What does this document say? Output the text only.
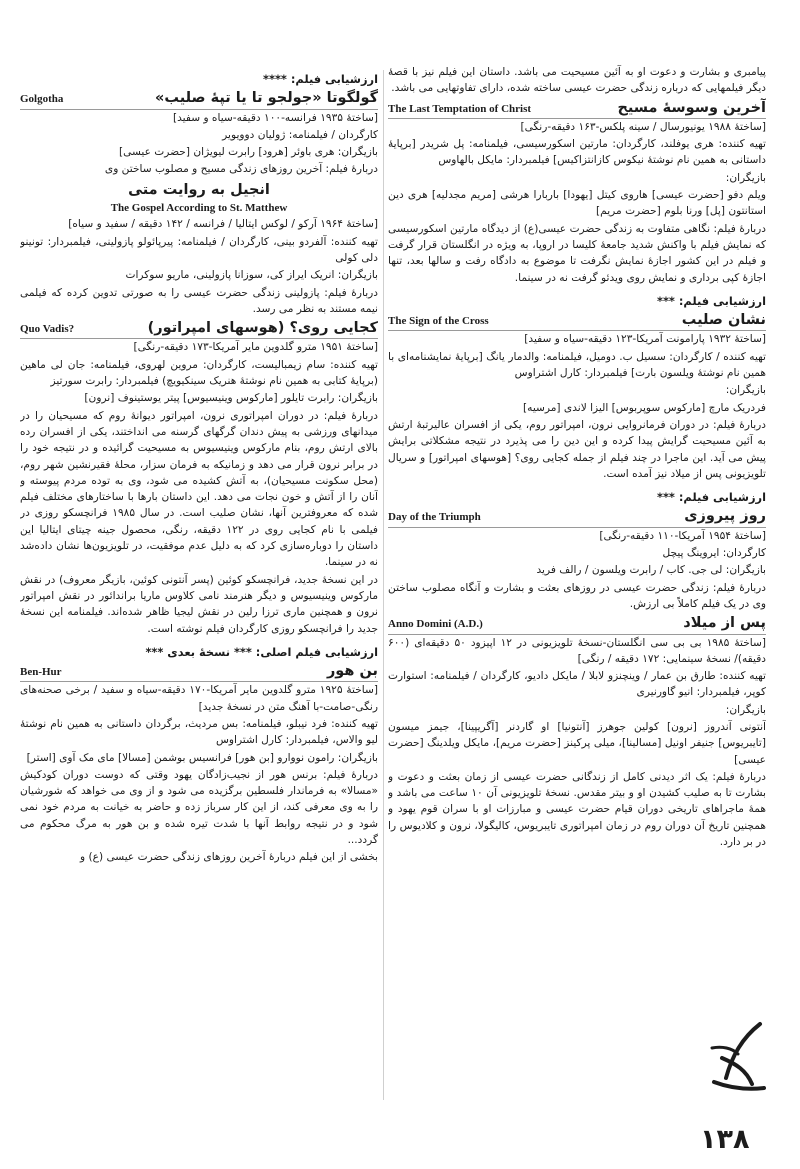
پیامبری و بشارت و دعوت او به آئین مسیحیت می باشد. داستان این فیلم نیز با قصهٔ دیگر فیلمهایی که درباره زندگی حضرت عیسی ساخته شده، دارای تفاوتهایی می باشد.

The Last Temptation of Christ	آخرین وسوسهٔ مسیح

[ساختهٔ ۱۹۸۸ یونیورسال / سینه پلکس-۱۶۳ دقیقه-رنگی]

تهیه کننده: هری یوفلند، کارگردان: مارتین اسکورسیسی، فیلمنامه: پل شریدر [برپایهٔ داستانی به همین نام نوشتهٔ نیکوس کازانتزاکیس] فیلمبردار: مایکل بالهاوس

بازیگران:

ویلم دفو [حضرت عیسی] هاروی کیتل [یهودا] باربارا هرشی [مریم مجدلیه] هری دین استانتون [پل] ورنا بلوم [حضرت مریم]

دربارهٔ فیلم: نگاهی متفاوت به زندگی حضرت عیسی(ع) از دیدگاه مارتین اسکورسیسی که نمایش فیلم با واکنش شدید جامعهٔ کلیسا در اروپا، به ویژه در انگلستان قرار گرفت و فیلم در این کشور اجازهٔ نمایش نگرفت تا موضوع به دادگاه رفت و سالها بعد، تنها اجازهٔ کپی برداری و نمایش روی ویدئو گرفت نه در سینما.

ارزشیابی فیلم: ***
The Sign of the Cross	نشان صلیب

[ساختهٔ ۱۹۳۲ پارامونت آمریکا-۱۲۳ دقیقه-سیاه و سفید]

تهیه کننده / کارگردان: سسیل ب. دومیل، فیلمنامه: والدمار یانگ [برپایهٔ نمایشنامه‌ای با همین نام نوشتهٔ ویلسون بارت] فیلمبردار: کارل اشتراوس

بازیگران:

فردریک مارچ [مارکوس سوپربوس] الیزا لاندی [مرسیه]

دربارهٔ فیلم: در دوران فرمانروایی نرون، امپراتور روم، یکی از افسران عالیرتبهٔ ارتش به آئین مسیحیت گرایش پیدا کرده و این دین را می پذیرد در نتیجه مشکلاتی برایش پیش می آید. این ماجرا در چند فیلم از جمله کجایی روی؟ [هوسهای امپراتور] و سریال تلویزیونی پس از میلاد نیز آمده است.

ارزشیابی فیلم: ***
Day of the Triumph	روز پیروزی

[ساختهٔ ۱۹۵۴ آمریکا-۱۱۰ دقیقه-رنگی]

کارگردان: ایروینگ پیچل

بازیگران: لی جی. کاب / رابرت ویلسون / رالف فرید

دربارهٔ فیلم: زندگی حضرت عیسی در روزهای بعثت و بشارت و آنگاه مصلوب ساختن وی در یک فیلم کاملاً بی ارزش.

Anno Domini (A.D.)	پس از میلاد

[ساختهٔ ۱۹۸۵ بی بی سی انگلستان-نسخهٔ تلویزیونی در ۱۲ اپیزود ۵۰ دقیقه‌ای (۶۰۰ دقیقه)/ نسخهٔ سینمایی: ۱۷۲ دقیقه / رنگی]

تهیه کننده: طارق بن عمار / وینچنزو لابلا / مایکل دادیو، کارگردان / فیلمنامه: استوارت کوپر، فیلمبردار: انیو گاورنیری

بازیگران:

آنتونی آندروز [نرون] کولین جوهرز [آنتونیا] او گاردنر [آگریپینا]، جیمز میسون [تایبریوس] جنیفر اونیل [مسالینا]، میلی پرکینز [حضرت مریم]، مایکل ویلدینگ [حضرت عیسی]

دربارهٔ فیلم: یک اثر دیدنی کامل از زندگانی حضرت عیسی از زمان بعثت و دعوت و بشارت تا به صلیب کشیدن او و بیتر مقدس. نسخهٔ تلویزیونی آن ۱۰ ساعت می باشد و همهٔ ماجراهای تاریخی دوران قیام حضرت عیسی و مبارزات او با سران قوم یهود و همچنین تاریخ آن دوران روم در زمان امپراتوری تایبریوس، کالیگولا، نرون و کلادیوس را در بر دارد.

ارزشیابی فیلم: ****
Golgotha	گولگوتا «جولجو تا یا تپهٔ صلیب»

[ساختهٔ ۱۹۳۵ فرانسه-۱۰۰ دقیقه-سیاه و سفید]

کارگردان / فیلمنامه: ژولیان دوویویر

بازیگران: هری باوئر [هرود] رابرت لیویژان [حضرت عیسی]

دربارهٔ فیلم: آخرین روزهای زندگی مسیح و مصلوب ساختن وی

انجیل به روایت متی
The Gospel According to St. Matthew

[ساختهٔ ۱۹۶۴ آرکو / لوکس ایتالیا / فرانسه / ۱۴۲ دقیقه / سفید و سیاه]

تهیه کننده: آلفردو بینی، کارگردان / فیلمنامه: پیرپائولو پازولینی، فیلمبردار: تونینو دلی کولی

بازیگران: انریک ایراز کی، سوزانا پازولینی، ماریو سوکرات

دربارهٔ فیلم: پازولینی زندگی حضرت عیسی را به صورتی تدوین کرده که فیلمی نیمه مستند به نظر می رسد.

Quo Vadis?	کجایی روی؟ (هوسهای امپراتور)

[ساختهٔ ۱۹۵۱ مترو گلدوین مایر آمریکا-۱۷۳ دقیقه-رنگی]

تهیه کننده: سام زیمبالیست، کارگردان: مروین لهروی، فیلمنامه: جان لی ماهین (برپایهٔ کتابی به همین نام نوشتهٔ هنریک سینکیویچ) فیلمبردار: رابرت سورتیز

بازیگران: رابرت تایلور [مارکوس وینیسیوس] پیتر یوستینوف [نرون]

دربارهٔ فیلم: در دوران امپراتوری نرون، امپراتور دیوانهٔ روم که مسیحیان را در میدانهای ورزشی به پیش دندان گرگهای گرسنه می انداختند، یکی از افسران رده بالای ارتش روم، بنام مارکوس وینیسیوس به مسیحیت گرائیده و در نتیجه خود را در برابر نرون قرار می دهد و زمانیکه به فرمان سزار، محلهٔ فقیرنشین شهر روم، (محل سکونت مسیحیان)، به آتش کشیده می شود، وی به توده مردم پیوسته و آنان را از آتش و خون نجات می دهد. این داستان بارها با ساختارهای مختلف فیلم شده که معروفترین آنها، نشان صلیب است. در سال ۱۹۸۵ فرانچسکو روزی در فیلمی با نام کجایی روی در ۱۲۲ دقیقه، رنگی، محصول جینه چیتای ایتالیا این داستان را دوباره‌سازی کرد که به دلیل عدم موفقیت، در تلویزیون‌ها نشان داده‌شد نه در سینما.

در این نسخهٔ جدید، فرانچسکو کوئین (پسر آنتونی کوئین، بازیگر معروف) در نقش مارکوس وینیسیوس و دیگر هنرمند نامی کلاوس ماریا براندائور در نقش امپراتور نرون و همچنین ماری ترزا رلین در نقش لیجیا ظاهر شده‌اند. فیلمنامه این نسخهٔ جدید را فرانچسکو روزی کارگردان فیلم نوشته است.

ارزشیابی فیلم اصلی: *** نسخهٔ بعدی ***
Ben-Hur	بن هور

[ساختهٔ ۱۹۲۵ مترو گلدوین مایر آمریکا-۱۷۰ دقیقه-سیاه و سفید / برخی صحنه‌های رنگی-صامت-با آهنگ متن در نسخهٔ جدید]

تهیه کننده: فرد نیبلو، فیلمنامه: بس مردیث، برگردان داستانی به همین نام نوشتهٔ لیو والاس، فیلمبردار: کارل اشتراوس

بازیگران: رامون نووارو [بن هور] فرانسیس بوشمن [مسالا] مای مک آوی [استر]

دربارهٔ فیلم: برنس هور از نجیب‌زادگان یهود وقتی که دوست دوران کودکیش «مسالا» به فرماندار فلسطین برگزیده می شود و از وی می خواهد که شورشیان را به وی معرفی کند، از این کار سرباز زده و حاضر به خیانت به مردم خود نمی شود و در نتیجه روابط آنها با شدت تیره شده و بن هور به مرگ محکوم می گردد...

بخشی از این فیلم دربارهٔ آخرین روزهای زندگی حضرت عیسی (ع) و

۱۳۸
